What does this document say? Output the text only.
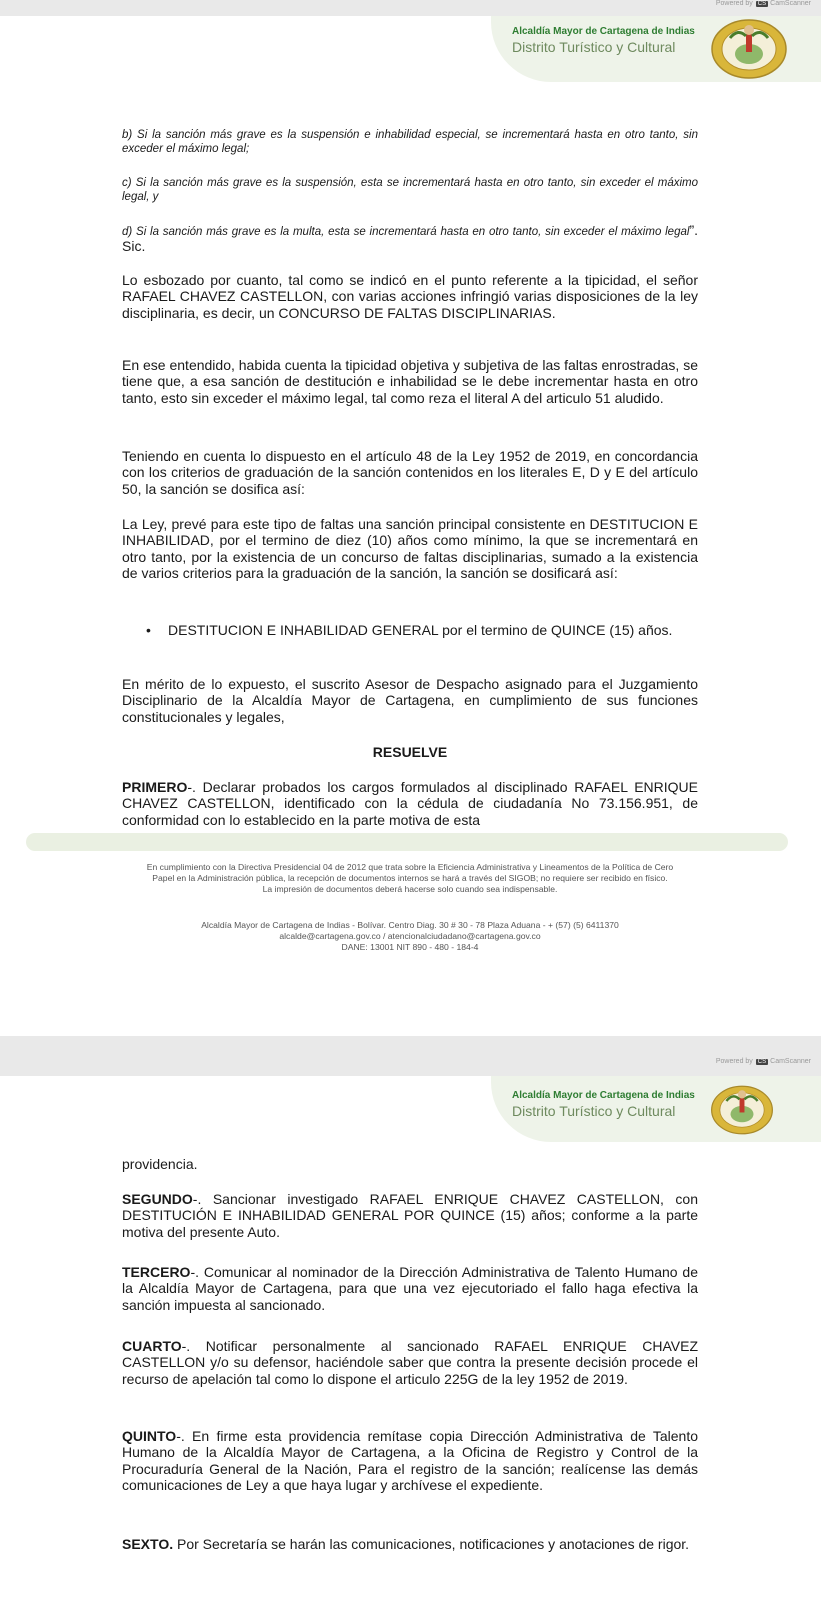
Powered by CS CamScanner
Alcaldía Mayor de Cartagena de Indias
Distrito Turístico y Cultural

b) Si la sanción más grave es la suspensión e inhabilidad especial, se incrementará hasta en otro tanto, sin exceder el máximo legal;

c) Si la sanción más grave es la suspensión, esta se incrementará hasta en otro tanto, sin exceder el máximo legal, y

d) Si la sanción más grave es la multa, esta se incrementará hasta en otro tanto, sin exceder el máximo legal”. Sic.

Lo esbozado por cuanto, tal como se indicó en el punto referente a la tipicidad, el señor RAFAEL CHAVEZ CASTELLON, con varias acciones infringió varias disposiciones de la ley disciplinaria, es decir, un CONCURSO DE FALTAS DISCIPLINARIAS.

En ese entendido, habida cuenta la tipicidad objetiva y subjetiva de las faltas enrostradas, se tiene que, a esa sanción de destitución e inhabilidad se le debe incrementar hasta en otro tanto, esto sin exceder el máximo legal, tal como reza el literal A del articulo 51 aludido.

Teniendo en cuenta lo dispuesto en el artículo 48 de la Ley 1952 de 2019, en concordancia con los criterios de graduación de la sanción contenidos en los literales E, D y E del artículo 50, la sanción se dosifica así:

La Ley, prevé para este tipo de faltas una sanción principal consistente en DESTITUCION E INHABILIDAD, por el termino de diez (10) años como mínimo, la que se incrementará en otro tanto, por la existencia de un concurso de faltas disciplinarias, sumado a la existencia de varios criterios para la graduación de la sanción, la sanción se dosificará así:

• DESTITUCION E INHABILIDAD GENERAL por el termino de QUINCE (15) años.

En mérito de lo expuesto, el suscrito Asesor de Despacho asignado para el Juzgamiento Disciplinario de la Alcaldía Mayor de Cartagena, en cumplimiento de sus funciones constitucionales y legales,

RESUELVE

PRIMERO-. Declarar probados los cargos formulados al disciplinado RAFAEL ENRIQUE CHAVEZ CASTELLON, identificado con la cédula de ciudadanía No 73.156.951, de conformidad con lo establecido en la parte motiva de esta

En cumplimiento con la Directiva Presidencial 04 de 2012 que trata sobre la Eficiencia Administrativa y Lineamentos de la Política de Cero
Papel en la Administración pública, la recepción de documentos internos se hará a través del SIGOB; no requiere ser recibido en físico.
La impresión de documentos deberá hacerse solo cuando sea indispensable.
Alcaldía Mayor de Cartagena de Indias - Bolívar. Centro Diag. 30 # 30 - 78 Plaza Aduana - + (57) (5) 6411370
alcalde@cartagena.gov.co / atencionalciudadano@cartagena.gov.co
DANE: 13001 NIT 890 - 480 - 184-4
Powered by CS CamScanner
Alcaldía Mayor de Cartagena de Indias
Distrito Turístico y Cultural

providencia.

SEGUNDO-. Sancionar investigado RAFAEL ENRIQUE CHAVEZ CASTELLON, con DESTITUCIÓN E INHABILIDAD GENERAL POR QUINCE (15) años; conforme a la parte motiva del presente Auto.

TERCERO-. Comunicar al nominador de la Dirección Administrativa de Talento Humano de la Alcaldía Mayor de Cartagena, para que una vez ejecutoriado el fallo haga efectiva la sanción impuesta al sancionado.

CUARTO-. Notificar personalmente al sancionado RAFAEL ENRIQUE CHAVEZ CASTELLON y/o su defensor, haciéndole saber que contra la presente decisión procede el recurso de apelación tal como lo dispone el articulo 225G de la ley 1952 de 2019.

QUINTO-. En firme esta providencia remítase copia Dirección Administrativa de Talento Humano de la Alcaldía Mayor de Cartagena, a la Oficina de Registro y Control de la Procuraduría General de la Nación, Para el registro de la sanción; realícense las demás comunicaciones de Ley a que haya lugar y archívese el expediente.

SEXTO. Por Secretaría se harán las comunicaciones, notificaciones y anotaciones de rigor.
